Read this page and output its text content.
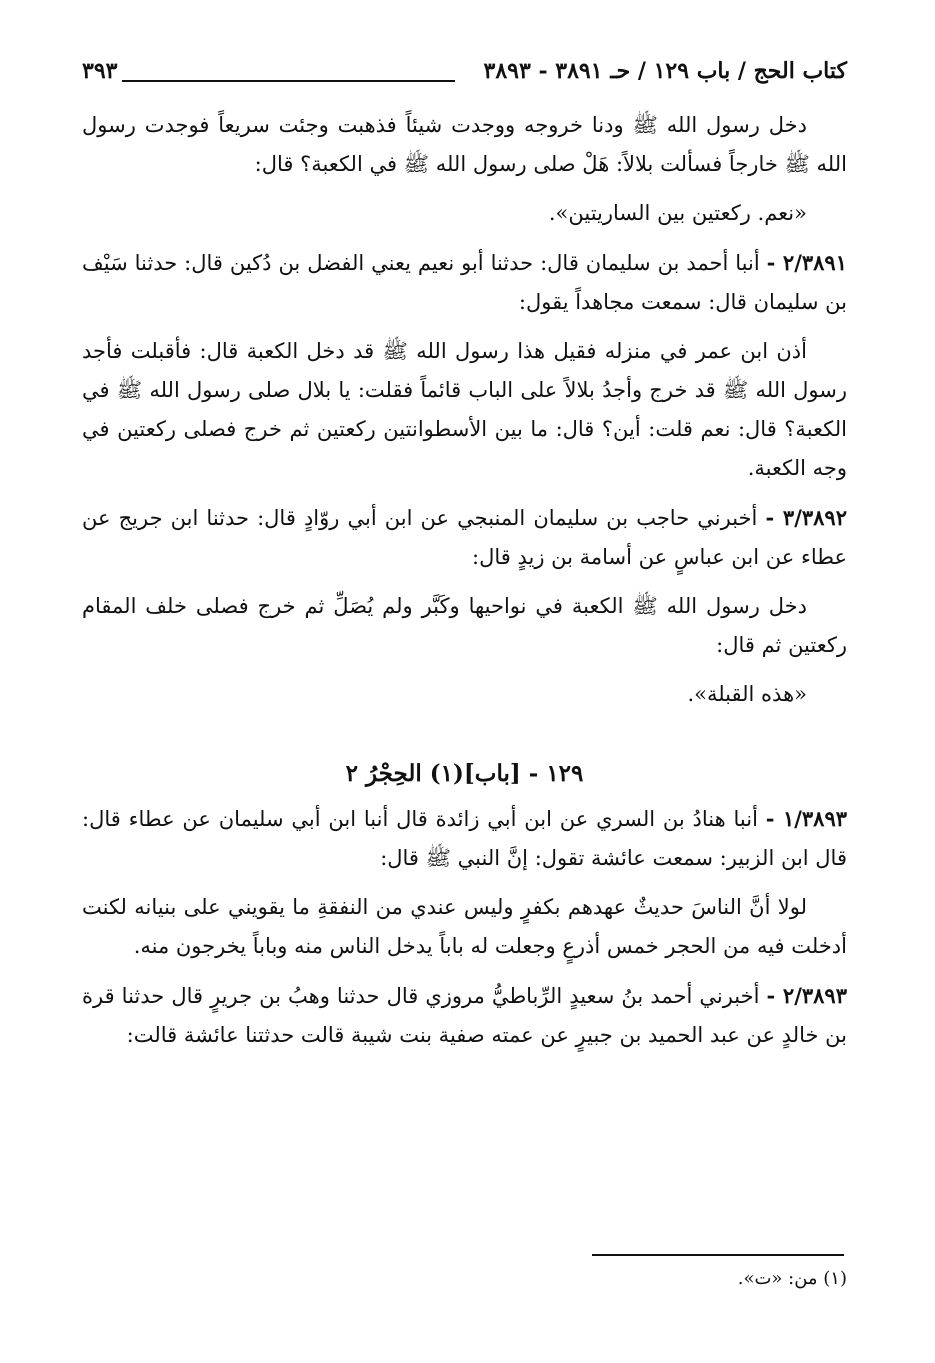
كتاب الحج / باب ١٢٩ / حـ ٣٨٩١ - ٣٨٩٣
٣٩٣

دخل رسول الله ﷺ ودنا خروجه ووجدت شيئاً فذهبت وجئت سريعاً فوجدت رسول الله ﷺ خارجاً فسألت بلالاً: هَلْ صلى رسول الله ﷺ في الكعبة؟ قال:

«نعم. ركعتين بين الساريتين».

٢/٣٨٩١ - أنبا أحمد بن سليمان قال: حدثنا أبو نعيم يعني الفضل بن دُكين قال: حدثنا سَيْف بن سليمان قال: سمعت مجاهداً يقول:

أذن ابن عمر في منزله فقيل هذا رسول الله ﷺ قد دخل الكعبة قال: فأقبلت فأجد رسول الله ﷺ قد خرج وأجدُ بلالاً على الباب قائماً فقلت: يا بلال صلى رسول الله ﷺ في الكعبة؟ قال: نعم قلت: أين؟ قال: ما بين الأسطوانتين ركعتين ثم خرج فصلى ركعتين في وجه الكعبة.

٣/٣٨٩٢ - أخبرني حاجب بن سليمان المنبجي عن ابن أبي روّادٍ قال: حدثنا ابن جريج عن عطاء عن ابن عباسٍ عن أسامة بن زيدٍ قال:

دخل رسول الله ﷺ الكعبة في نواحيها وكَبَّر ولم يُصَلِّ ثم خرج فصلى خلف المقام ركعتين ثم قال:

«هذه القبلة».

١٢٩ - [باب](١) الحِجْرُ ٢

١/٣٨٩٣ - أنبا هنادُ بن السري عن ابن أبي زائدة قال أنبا ابن أبي سليمان عن عطاء قال: قال ابن الزبير: سمعت عائشة تقول: إنَّ النبي ﷺ قال:

لولا أنَّ الناسَ حديثٌ عهدهم بكفرٍ وليس عندي من النفقةِ ما يقويني على بنيانه لكنت أدخلت فيه من الحجر خمس أذرعٍ وجعلت له باباً يدخل الناس منه وباباً يخرجون منه.

٢/٣٨٩٣ - أخبرني أحمد بنُ سعيدٍ الرِّباطيُّ مروزي قال حدثنا وهبُ بن جريرٍ قال حدثنا قرة بن خالدٍ عن عبد الحميد بن جبيرٍ عن عمته صفية بنت شيبة قالت حدثتنا عائشة قالت:

(١) من: «ت».
